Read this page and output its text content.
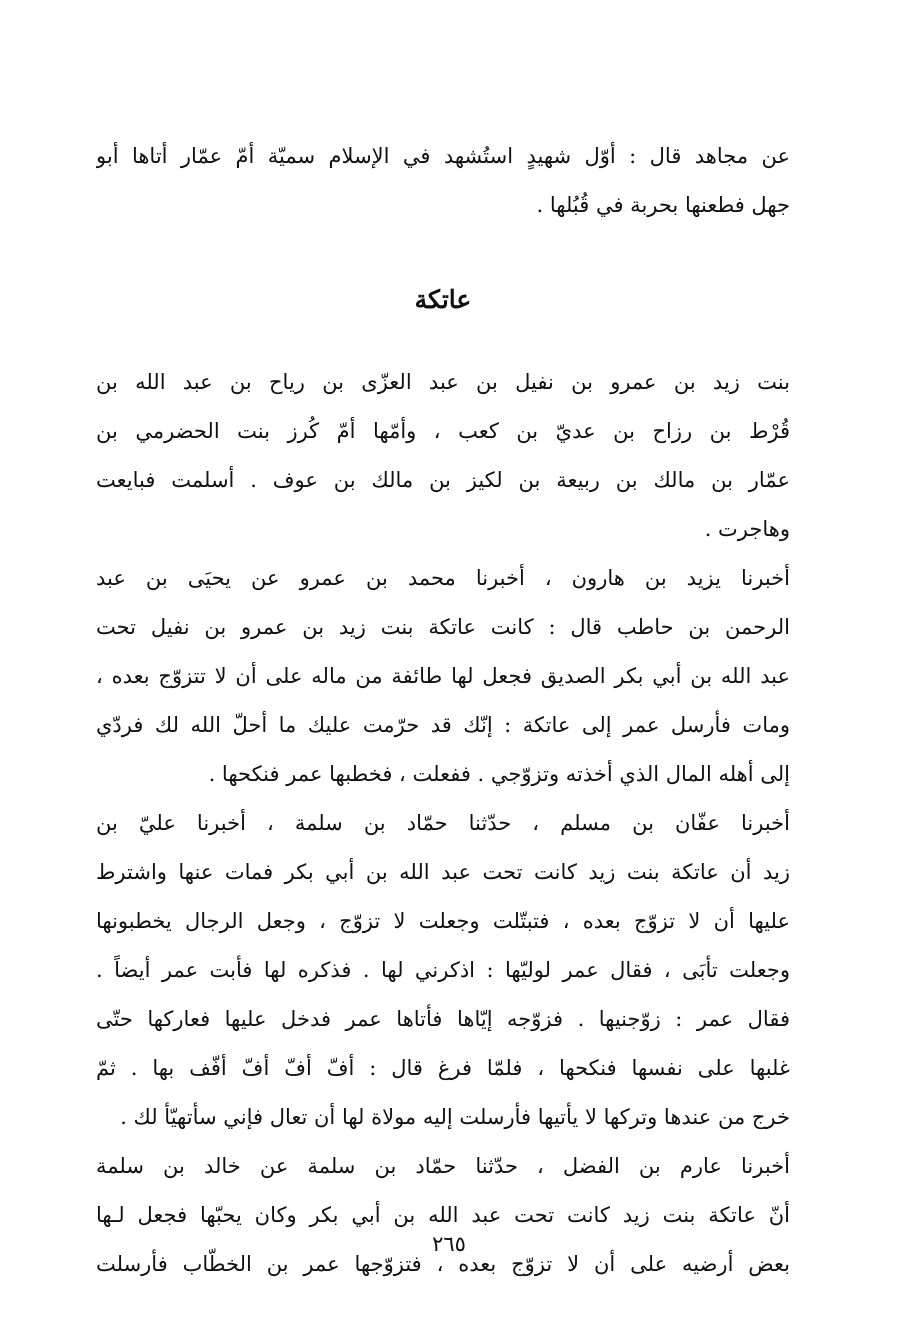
عن مجاهد قال : أوّل شهيدٍ استُشهد في الإسلام سميّة أمّ عمّار أتاها أبو
جهل فطعنها بحربة في قُبُلها .
عاتكة
بنت زيد بن عمرو بن نفيل بن عبد العزّى بن رياح بن عبد الله بن
قُرْط بن رزاح بن عديّ بن كعب ، وأمّها أمّ كُرز بنت الحضرمي بن
عمّار بن مالك بن ربيعة بن لكيز بن مالك بن عوف . أسلمت فبايعت
وهاجرت .
أخبرنا يزيد بن هارون ، أخبرنا محمد بن عمرو عن يحيَى بن عبد
الرحمن بن حاطب قال : كانت عاتكة بنت زيد بن عمرو بن نفيل تحت
عبد الله بن أبي بكر الصديق فجعل لها طائفة من ماله على أن لا تتزوّج بعده ،
ومات فأرسل عمر إلى عاتكة : إنّك قد حرّمت عليك ما أحلّ الله لك فردّي
إلى أهله المال الذي أخذته وتزوّجي . ففعلت ، فخطبها عمر فنكحها .
أخبرنا عفّان بن مسلم ، حدّثنا حمّاد بن سلمة ، أخبرنا عليّ بن
زيد أن عاتكة بنت زيد كانت تحت عبد الله بن أبي بكر فمات عنها واشترط
عليها أن لا تزوّج بعده ، فتبتّلت وجعلت لا تزوّج ، وجعل الرجال يخطبونها
وجعلت تأبَى ، فقال عمر لوليّها : اذكرني لها . فذكره لها فأبت عمر أيضاً .
فقال عمر : زوّجنيها . فزوّجه إيّاها فأتاها عمر فدخل عليها فعاركها حتّى
غلبها على نفسها فنكحها ، فلمّا فرغ قال : أفّ أفّ أفّ أفّف بها . ثمّ
خرج من عندها وتركها لا يأتيها فأرسلت إليه مولاة لها أن تعال فإني سأتهيّأ لك .
أخبرنا عارم بن الفضل ، حدّثنا حمّاد بن سلمة عن خالد بن سلمة
أنّ عاتكة بنت زيد كانت تحت عبد الله بن أبي بكر وكان يحبّها فجعل لـها
بعض أرضيه على أن لا تزوّج بعده ، فتزوّجها عمر بن الخطّاب فأرسلت
٢٦٥
